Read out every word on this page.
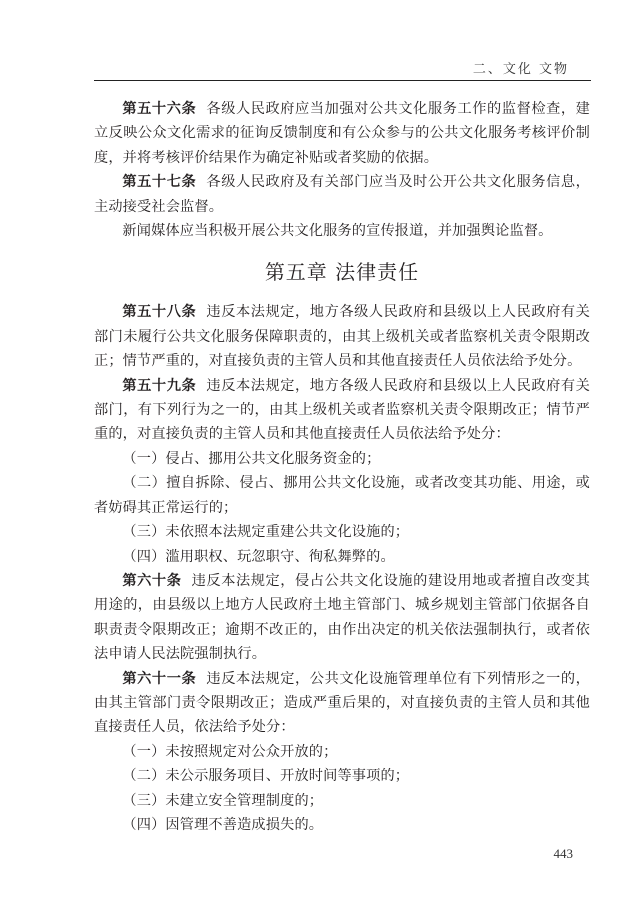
二、文化 文物

第五十六条 各级人民政府应当加强对公共文化服务工作的监督检查，建立反映公众文化需求的征询反馈制度和有公众参与的公共文化服务考核评价制度，并将考核评价结果作为确定补贴或者奖励的依据。

第五十七条 各级人民政府及有关部门应当及时公开公共文化服务信息，主动接受社会监督。

新闻媒体应当积极开展公共文化服务的宣传报道，并加强舆论监督。

第五章 法律责任

第五十八条 违反本法规定，地方各级人民政府和县级以上人民政府有关部门未履行公共文化服务保障职责的，由其上级机关或者监察机关责令限期改正；情节严重的，对直接负责的主管人员和其他直接责任人员依法给予处分。

第五十九条 违反本法规定，地方各级人民政府和县级以上人民政府有关部门，有下列行为之一的，由其上级机关或者监察机关责令限期改正；情节严重的，对直接负责的主管人员和其他直接责任人员依法给予处分：

（一）侵占、挪用公共文化服务资金的；

（二）擅自拆除、侵占、挪用公共文化设施，或者改变其功能、用途，或者妨碍其正常运行的；

（三）未依照本法规定重建公共文化设施的；

（四）滥用职权、玩忽职守、徇私舞弊的。

第六十条 违反本法规定，侵占公共文化设施的建设用地或者擅自改变其用途的，由县级以上地方人民政府土地主管部门、城乡规划主管部门依据各自职责责令限期改正；逾期不改正的，由作出决定的机关依法强制执行，或者依法申请人民法院强制执行。

第六十一条 违反本法规定，公共文化设施管理单位有下列情形之一的，由其主管部门责令限期改正；造成严重后果的，对直接负责的主管人员和其他直接责任人员，依法给予处分：

（一）未按照规定对公众开放的；

（二）未公示服务项目、开放时间等事项的；

（三）未建立安全管理制度的；

（四）因管理不善造成损失的。

443
